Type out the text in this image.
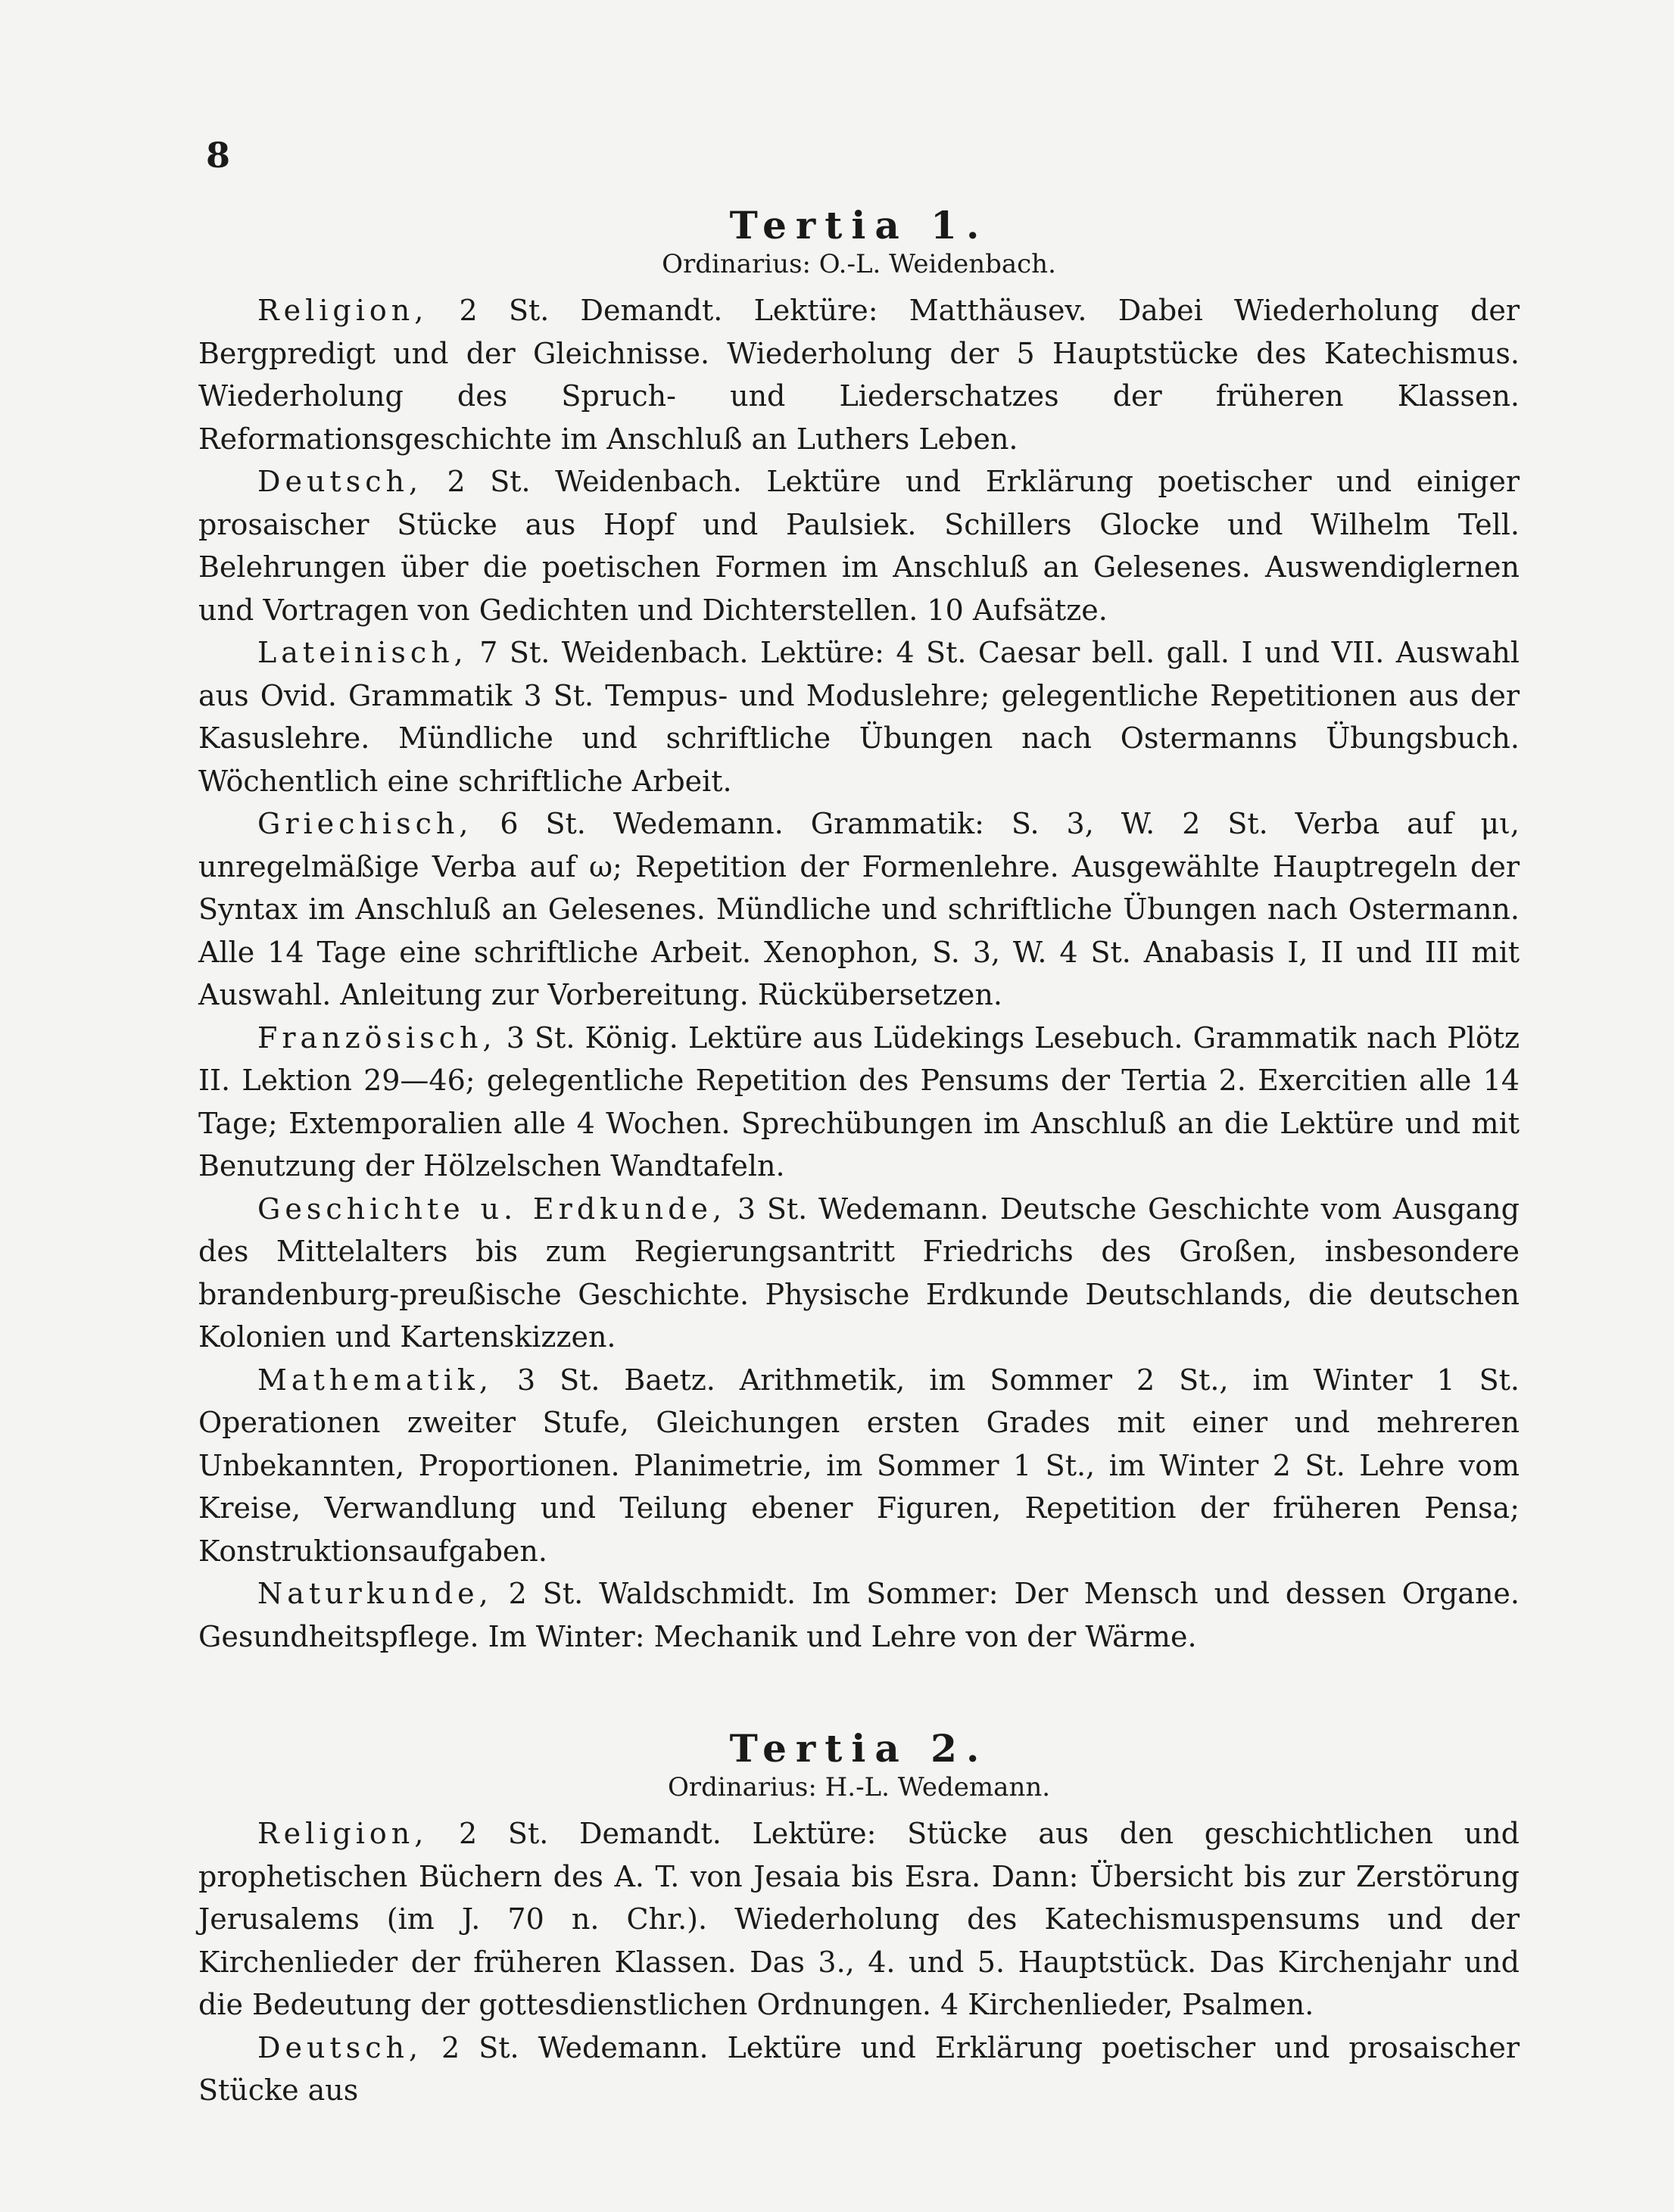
8
Tertia 1.

Ordinarius: O.-L. Weidenbach.

Religion, 2 St. Demandt. Lektüre: Matthäusev. Dabei Wiederholung der Bergpredigt und der Gleichnisse. Wiederholung der 5 Hauptstücke des Katechismus. Wiederholung des Spruch- und Liederschatzes der früheren Klassen. Reformationsgeschichte im Anschluß an Luthers Leben.

Deutsch, 2 St. Weidenbach. Lektüre und Erklärung poetischer und einiger prosaischer Stücke aus Hopf und Paulsiek. Schillers Glocke und Wilhelm Tell. Belehrungen über die poetischen Formen im Anschluß an Gelesenes. Auswendiglernen und Vortragen von Gedichten und Dichterstellen. 10 Aufsätze.

Lateinisch, 7 St. Weidenbach. Lektüre: 4 St. Caesar bell. gall. I und VII. Auswahl aus Ovid. Grammatik 3 St. Tempus- und Moduslehre; gelegentliche Repetitionen aus der Kasuslehre. Mündliche und schriftliche Übungen nach Ostermanns Übungsbuch. Wöchentlich eine schriftliche Arbeit.

Griechisch, 6 St. Wedemann. Grammatik: S. 3, W. 2 St. Verba auf μι, unregelmäßige Verba auf ω; Repetition der Formenlehre. Ausgewählte Hauptregeln der Syntax im Anschluß an Gelesenes. Mündliche und schriftliche Übungen nach Ostermann. Alle 14 Tage eine schriftliche Arbeit. Xenophon, S. 3, W. 4 St. Anabasis I, II und III mit Auswahl. Anleitung zur Vorbereitung. Rückübersetzen.

Französisch, 3 St. König. Lektüre aus Lüdekings Lesebuch. Grammatik nach Plötz II. Lektion 29—46; gelegentliche Repetition des Pensums der Tertia 2. Exercitien alle 14 Tage; Extemporalien alle 4 Wochen. Sprechübungen im Anschluß an die Lektüre und mit Benutzung der Hölzelschen Wandtafeln.

Geschichte u. Erdkunde, 3 St. Wedemann. Deutsche Geschichte vom Ausgang des Mittelalters bis zum Regierungsantritt Friedrichs des Großen, insbesondere brandenburg-preußische Geschichte. Physische Erdkunde Deutschlands, die deutschen Kolonien und Kartenskizzen.

Mathematik, 3 St. Baetz. Arithmetik, im Sommer 2 St., im Winter 1 St. Operationen zweiter Stufe, Gleichungen ersten Grades mit einer und mehreren Unbekannten, Proportionen. Planimetrie, im Sommer 1 St., im Winter 2 St. Lehre vom Kreise, Verwandlung und Teilung ebener Figuren, Repetition der früheren Pensa; Konstruktionsaufgaben.

Naturkunde, 2 St. Waldschmidt. Im Sommer: Der Mensch und dessen Organe. Gesundheitspflege. Im Winter: Mechanik und Lehre von der Wärme.

Tertia 2.

Ordinarius: H.-L. Wedemann.

Religion, 2 St. Demandt. Lektüre: Stücke aus den geschichtlichen und prophetischen Büchern des A. T. von Jesaia bis Esra. Dann: Übersicht bis zur Zerstörung Jerusalems (im J. 70 n. Chr.). Wiederholung des Katechismuspensums und der Kirchenlieder der früheren Klassen. Das 3., 4. und 5. Hauptstück. Das Kirchenjahr und die Bedeutung der gottesdienstlichen Ordnungen. 4 Kirchenlieder, Psalmen.

Deutsch, 2 St. Wedemann. Lektüre und Erklärung poetischer und prosaischer Stücke aus
